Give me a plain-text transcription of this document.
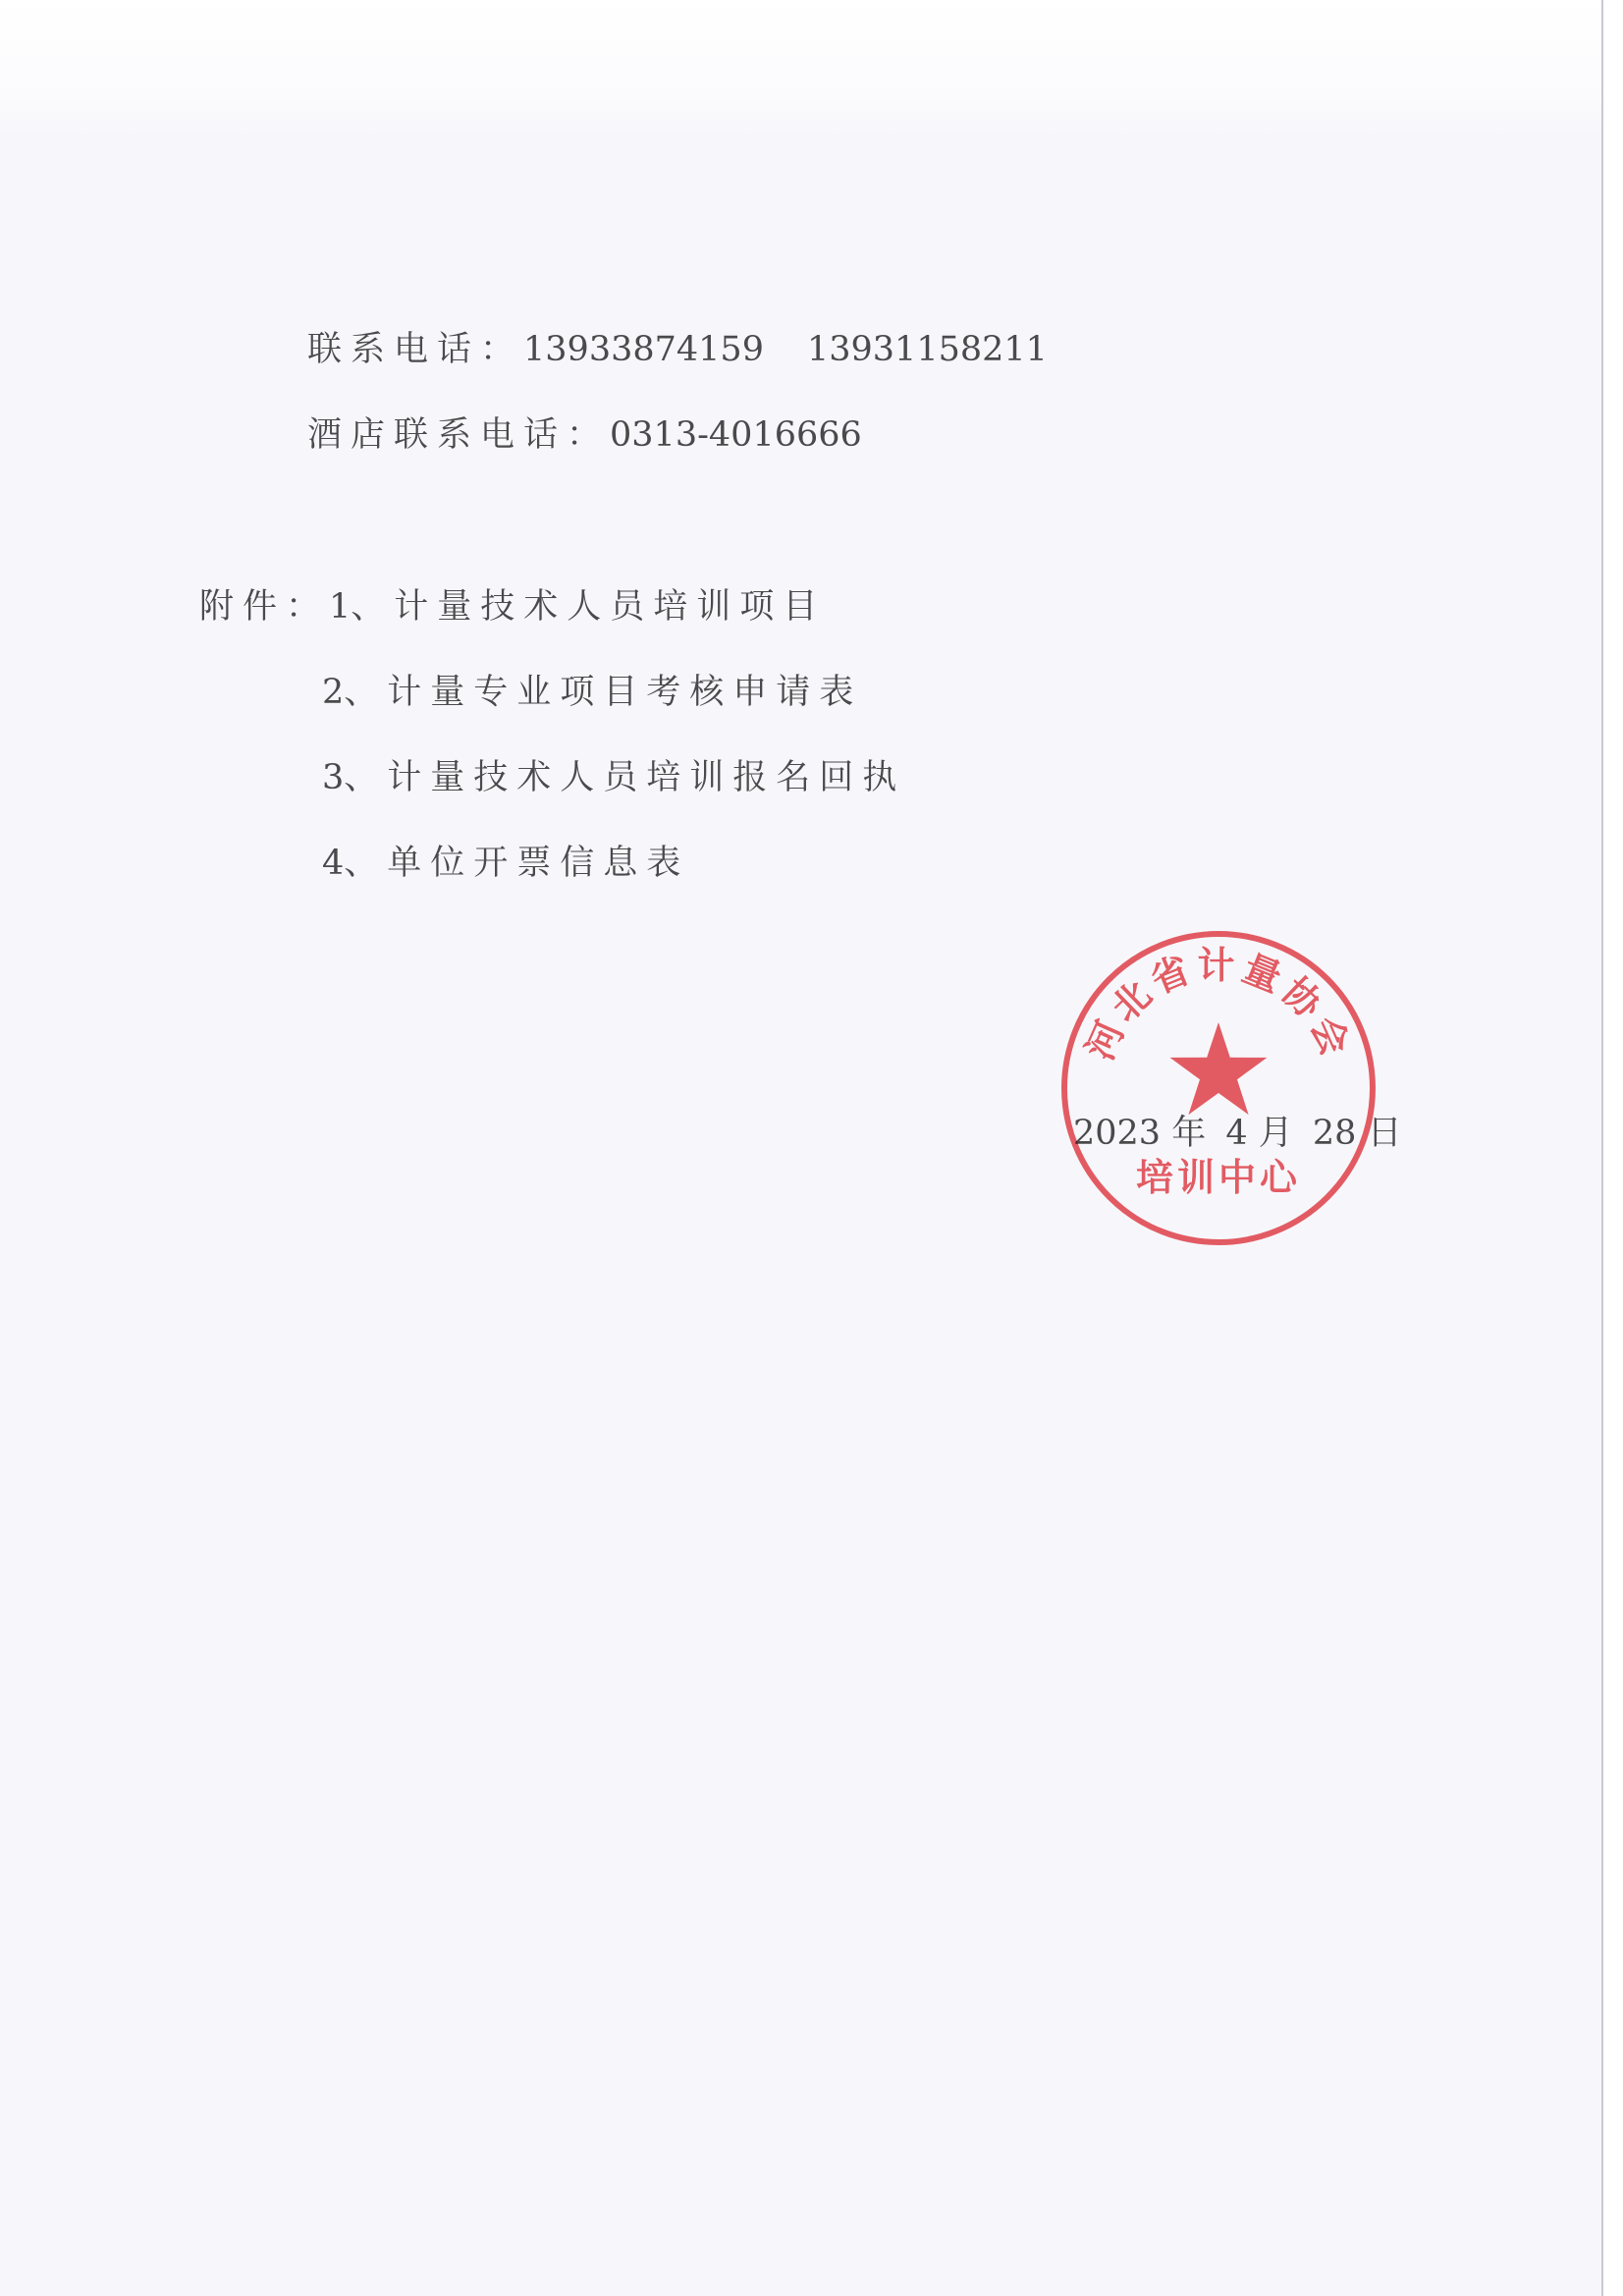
联系电话：13933874159　 13931158211
酒店联系电话：0313-4016666
附件：1、计量技术人员培训项目
2、计量专业项目考核申请表
3、计量技术人员培训报名回执
4、单位开票信息表
2023 年 4 月 28 日
河北省计量协会
培训中心
